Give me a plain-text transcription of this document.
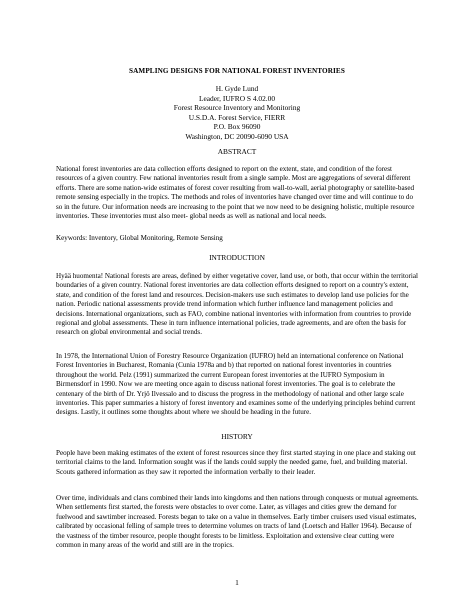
SAMPLING DESIGNS FOR NATIONAL FOREST INVENTORIES
H. Gyde Lund
Leader, IUFRO S 4.02.00
Forest Resource Inventory and Monitoring
U.S.D.A. Forest Service, FIERR
P.O. Box 96090
Washington, DC 20090-6090 USA
ABSTRACT

National forest inventories are data collection efforts designed to report on the extent, state, and condition of the forest resources of a given country. Few national inventories result from a single sample. Most are aggregations of several different efforts. There are some nation-wide estimates of forest cover resulting from wall-to-wall, aerial photography or satellite-based remote sensing especially in the tropics. The methods and roles of inventories have changed over time and will continue to do so in the future. Our information needs are increasing to the point that we now need to be designing holistic, multiple resource inventories. These inventories must also meet- global needs as well as national and local needs.

Keywords: Inventory, Global Monitoring, Remote Sensing

INTRODUCTION

Hyää huomenta! National forests are areas, defined by either vegetative cover, land use, or both, that occur within the territorial boundaries of a given country. National forest inventories are data collection efforts designed to report on a country's extent, state, and condition of the forest land and resources. Decision-makers use such estimates to develop land use policies for the nation. Periodic national assessments provide trend information which further influence land management policies and decisions. International organizations, such as FAO, combine national inventories with information from countries to provide regional and global assessments. These in turn influence international policies, trade agreements, and are often the basis for research on global environmental and social trends.

In 1978, the International Union of Forestry Resource Organization (IUFRO) held an international conference on National Forest Inventories in Bucharest, Romania (Cunia 1978a and b) that reported on national forest inventories in countries throughout the world. Pelz (1991) summarized the current European forest inventories at the IUFRO Symposium in Birmensdorf in 1990. Now we are meeting once again to discuss national forest inventories. The goal is to celebrate the centenary of the birth of Dr. Yrjö Ilvessalo and to discuss the progress in the methodology of national and other large scale inventories. This paper summaries a history of forest inventory and examines some of the underlying principles behind current designs. Lastly, it outlines some thoughts about where we should be heading in the future.

HISTORY

People have been making estimates of the extent of forest resources since they first started staying in one place and staking out territorial claims to the land. Information sought was if the lands could supply the needed game, fuel, and building material. Scouts gathered information as they saw it reported the information verbally to their leader.

Over time, individuals and clans combined their lands into kingdoms and then nations through conquests or mutual agreements. When settlements first started, the forests were obstacles to over come. Later, as villages and cities grew the demand for fuelwood and sawtimber increased. Forests began to take on a value in themselves. Early timber cruisers used visual estimates, calibrated by occasional felling of sample trees to determine volumes on tracts of land (Loetsch and Haller 1964). Because of the vastness of the timber resource, people thought forests to be limitless. Exploitation and extensive clear cutting were common in many areas of the world and still are in the tropics.

1
